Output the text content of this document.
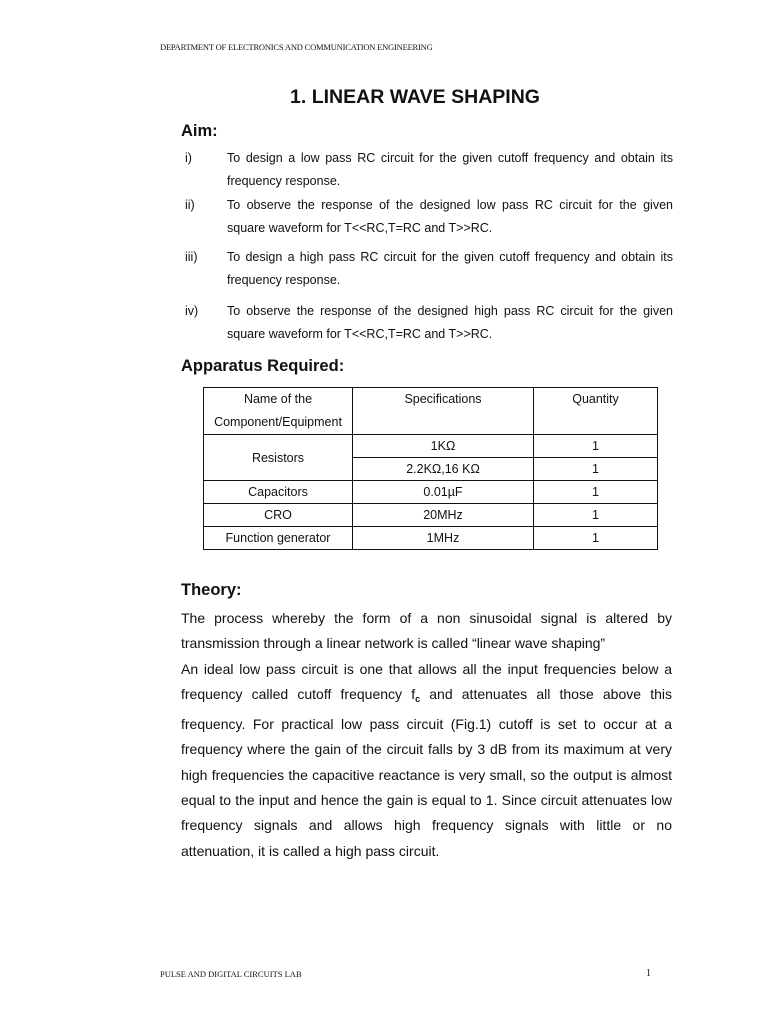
DEPARTMENT OF ELECTRONICS AND COMMUNICATION ENGINEERING
1. LINEAR WAVE SHAPING
Aim:
i)	To design a low pass RC circuit for the given cutoff frequency and obtain its frequency response.
ii)	To observe the response of the designed low pass RC circuit for the given square waveform for T<<RC,T=RC and T>>RC.
iii) To design a high pass RC circuit for the given cutoff frequency and obtain its frequency response.
iv) To observe the response of the designed high pass RC circuit for the given square waveform for T<<RC,T=RC and T>>RC.
Apparatus Required:
Name of the Component/Equipment	Specifications	Quantity
Resistors	1KΩ	1
	2.2KΩ,16 KΩ	1
Capacitors	0.01µF	1
CRO	20MHz	1
Function generator	1MHz	1
Theory:

The process whereby the form of a non sinusoidal signal is altered by transmission through a linear network is called “linear wave shaping”

An ideal low pass circuit is one that allows all the input frequencies below a frequency called cutoff frequency $f_c$ and attenuates all those above this frequency. For practical low pass circuit (Fig.1) cutoff is set to occur at a frequency where the gain of the circuit falls by 3 dB from its maximum at very high frequencies the capacitive reactance is very small, so the output is almost equal to the input and hence the gain is equal to 1. Since circuit attenuates low frequency signals and allows high frequency signals with little or no attenuation, it is called a high pass circuit.

PULSE AND DIGITAL CIRCUITS LAB	1
